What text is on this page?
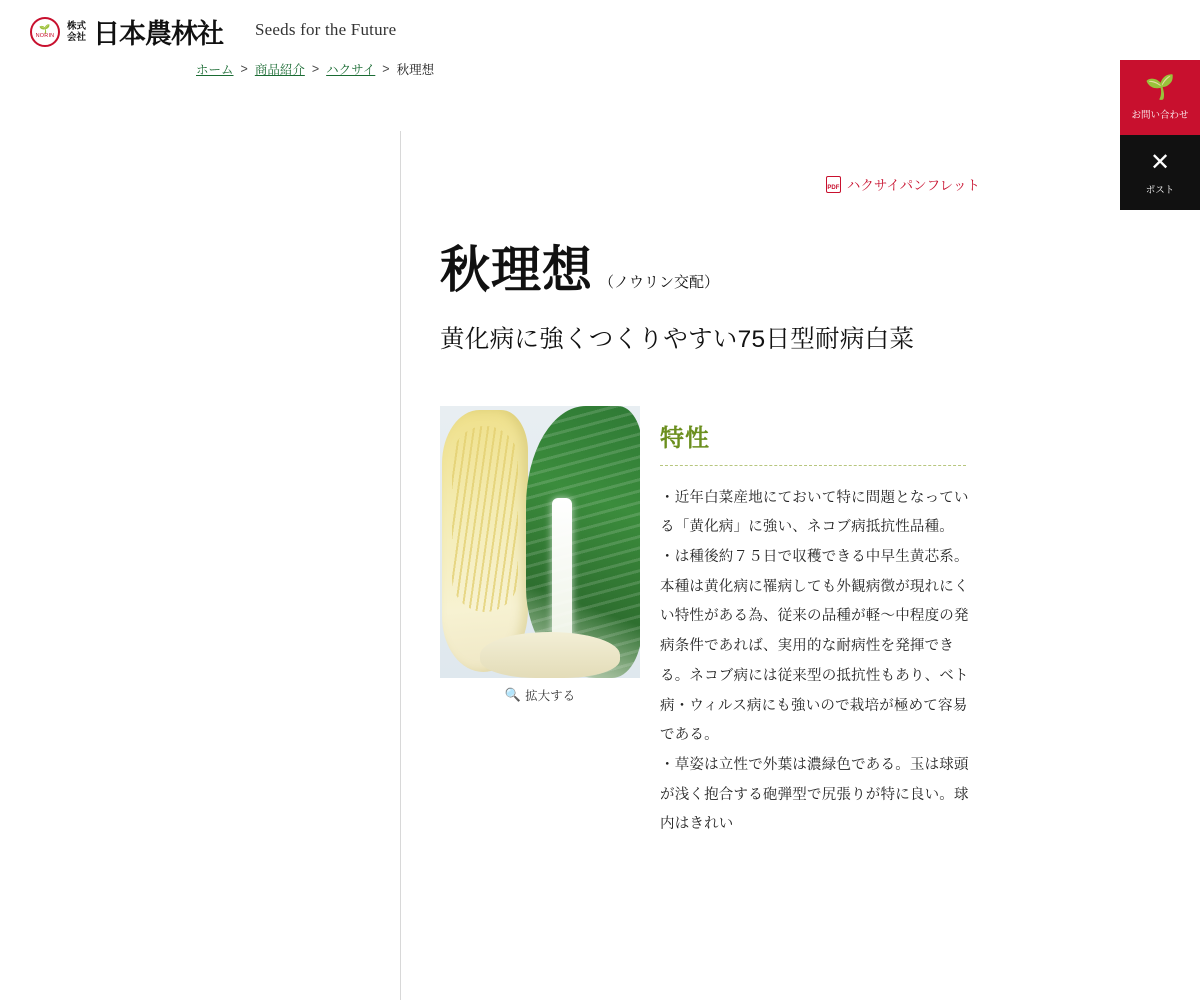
🌱
NORIN
株式
会社 日本農林社 Seeds for the Future
ホーム > 商品紹介 > ハクサイ > 秋理想
🌱
お問い合わせ
✕
ポスト
PDF ハクサイパンフレット
秋理想 （ノウリン交配）
黄化病に強くつくりやすい75日型耐病白菜
🔍 拡大する
特性

・近年白菜産地にておいて特に問題となっている「黄化病」に強い、ネコブ病抵抗性品種。

・は種後約７５日で収穫できる中早生黄芯系。本種は黄化病に罹病しても外観病徴が現れにくい特性がある為、従来の品種が軽〜中程度の発病条件であれば、実用的な耐病性を発揮できる。ネコブ病には従来型の抵抗性もあり、ベト病・ウィルス病にも強いので栽培が極めて容易である。

・草姿は立性で外葉は濃緑色である。玉は球頭が浅く抱合する砲弾型で尻張りが特に良い。球内はきれい
